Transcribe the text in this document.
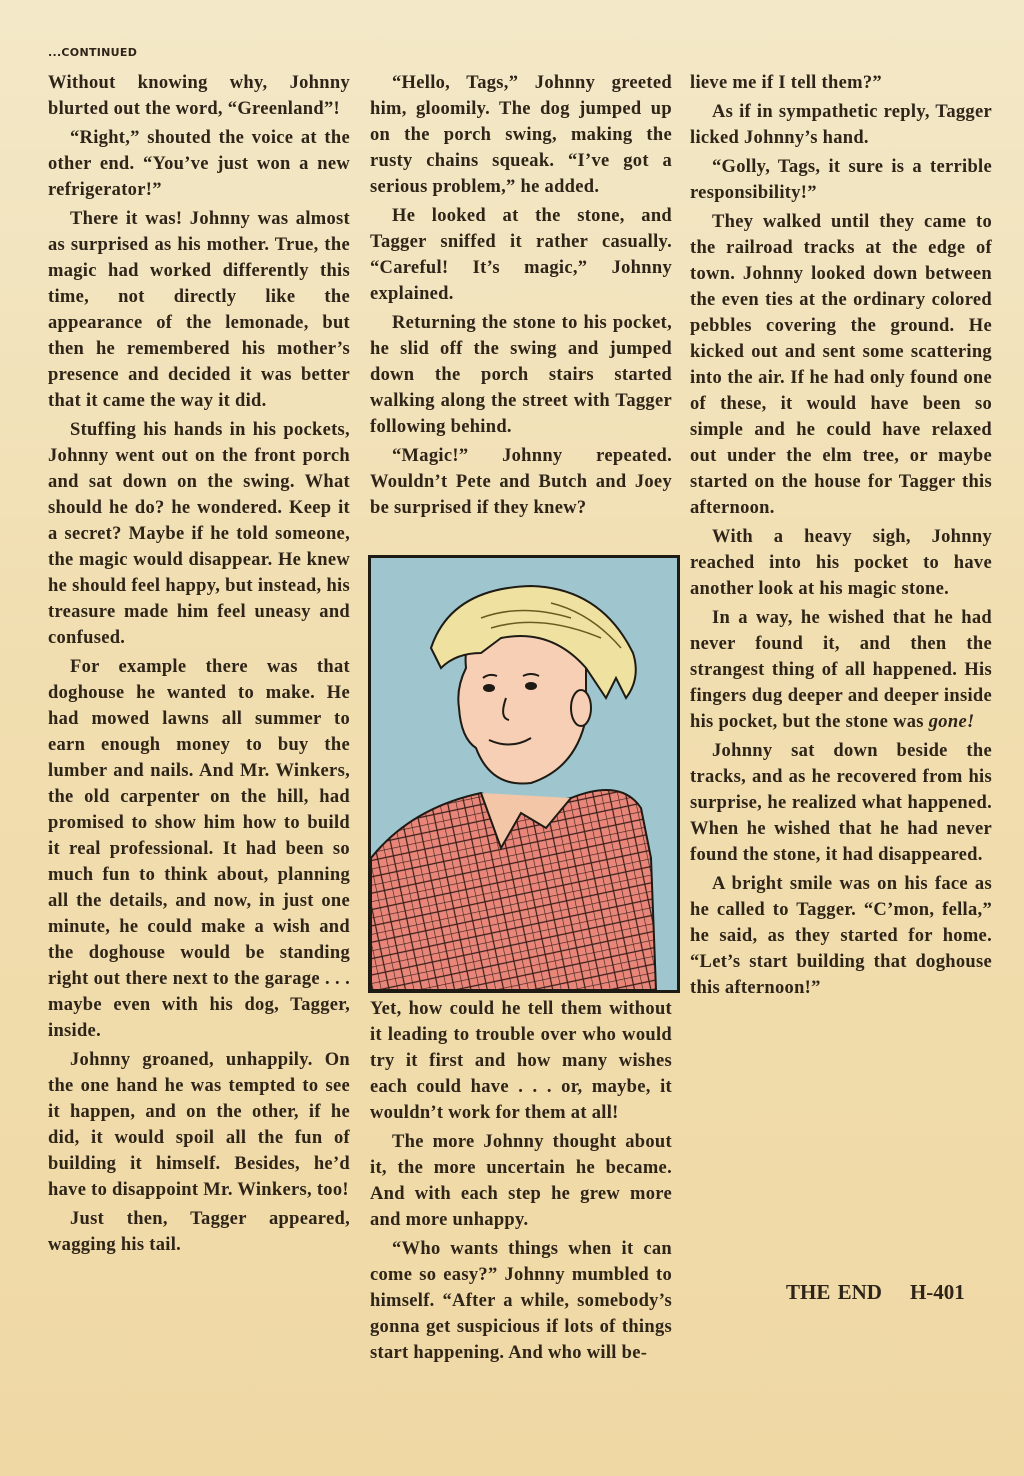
...CONTINUED

Without knowing why, Johnny blurted out the word, “Greenland”!

“Right,” shouted the voice at the other end. “You’ve just won a new refrigerator!”

There it was! Johnny was almost as surprised as his mother. True, the magic had worked differently this time, not directly like the appearance of the lemonade, but then he remembered his mother’s presence and decided it was better that it came the way it did.

Stuffing his hands in his pockets, Johnny went out on the front porch and sat down on the swing. What should he do? he wondered. Keep it a secret? Maybe if he told someone, the magic would disappear. He knew he should feel happy, but instead, his treasure made him feel uneasy and confused.

For example there was that doghouse he wanted to make. He had mowed lawns all summer to earn enough money to buy the lumber and nails. And Mr. Winkers, the old carpenter on the hill, had promised to show him how to build it real professional. It had been so much fun to think about, planning all the details, and now, in just one minute, he could make a wish and the doghouse would be standing right out there next to the garage . . . maybe even with his dog, Tagger, inside.

Johnny groaned, unhappily. On the one hand he was tempted to see it happen, and on the other, if he did, it would spoil all the fun of building it himself. Besides, he’d have to disappoint Mr. Winkers, too!

Just then, Tagger appeared, wagging his tail.

“Hello, Tags,” Johnny greeted him, gloomily. The dog jumped up on the porch swing, making the rusty chains squeak. “I’ve got a serious problem,” he added.

He looked at the stone, and Tagger sniffed it rather casually. “Careful! It’s magic,” Johnny explained.

Returning the stone to his pocket, he slid off the swing and jumped down the porch stairs started walking along the street with Tagger following behind.

“Magic!” Johnny repeated. Wouldn’t Pete and Butch and Joey be surprised if they knew?

Yet, how could he tell them without it leading to trouble over who would try it first and how many wishes each could have . . . or, maybe, it wouldn’t work for them at all!

The more Johnny thought about it, the more uncertain he became. And with each step he grew more and more unhappy.

“Who wants things when it can come so easy?” Johnny mumbled to himself. “After a while, somebody’s gonna get suspicious if lots of things start happening. And who will be-

lieve me if I tell them?”

As if in sympathetic reply, Tagger licked Johnny’s hand.

“Golly, Tags, it sure is a terrible responsibility!”

They walked until they came to the railroad tracks at the edge of town. Johnny looked down between the even ties at the ordinary colored pebbles covering the ground. He kicked out and sent some scattering into the air. If he had only found one of these, it would have been so simple and he could have relaxed out under the elm tree, or maybe started on the house for Tagger this afternoon.

With a heavy sigh, Johnny reached into his pocket to have another look at his magic stone.

In a way, he wished that he had never found it, and then the strangest thing of all happened. His fingers dug deeper and deeper inside his pocket, but the stone was gone!

Johnny sat down beside the tracks, and as he recovered from his surprise, he realized what happened. When he wished that he had never found the stone, it had disappeared.

A bright smile was on his face as he called to Tagger. “C’mon, fella,” he said, as they started for home. “Let’s start building that doghouse this afternoon!”

THE END H-401
